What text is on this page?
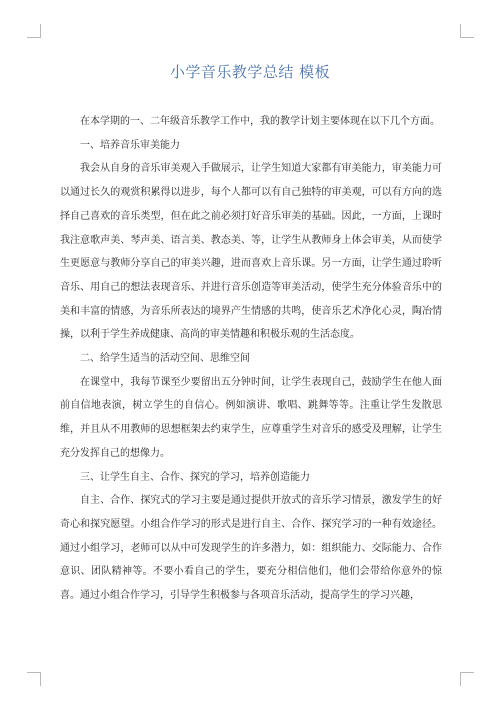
小学音乐教学总结 模板

在本学期的一、二年级音乐教学工作中，我的教学计划主要体现在以下几个方面。

一、培养音乐审美能力

我会从自身的音乐审美观入手做展示，让学生知道大家都有审美能力，审美能力可以通过长久的观赏积累得以进步，每个人都可以有自己独特的审美观，可以有方向的选择自己喜欢的音乐类型，但在此之前必须打好音乐审美的基础。因此，一方面，上课时我注意歌声美、琴声美、语言美、教态美、等，让学生从教师身上体会审美，从而使学生更愿意与教师分享自己的审美兴趣，进而喜欢上音乐课。另一方面，让学生通过聆听音乐、用自己的想法表现音乐、并进行音乐创造等审美活动，使学生充分体验音乐中的美和丰富的情感，为音乐所表达的境界产生情感的共鸣，使音乐艺术净化心灵，陶冶情操，以利于学生养成健康、高尚的审美情趣和积极乐观的生活态度。

二、给学生适当的活动空间、思维空间

在课堂中，我每节课至少要留出五分钟时间，让学生表现自己，鼓励学生在他人面前自信地表演，树立学生的自信心。例如演讲、歌唱、跳舞等等。注重让学生发散思维，并且从不用教师的思想框架去约束学生，应尊重学生对音乐的感受及理解，让学生充分发挥自己的想像力。

三、让学生自主、合作、探究的学习，培养创造能力

自主、合作、探究式的学习主要是通过提供开放式的音乐学习情景，激发学生的好奇心和探究愿望。小组合作学习的形式是进行自主、合作、探究学习的一种有效途径。通过小组学习，老师可以从中可发现学生的许多潜力，如：组织能力、交际能力、合作意识、团队精神等。不要小看自己的学生，要充分相信他们，他们会带给你意外的惊喜。通过小组合作学习，引导学生积极参与各项音乐活动，提高学生的学习兴趣，
